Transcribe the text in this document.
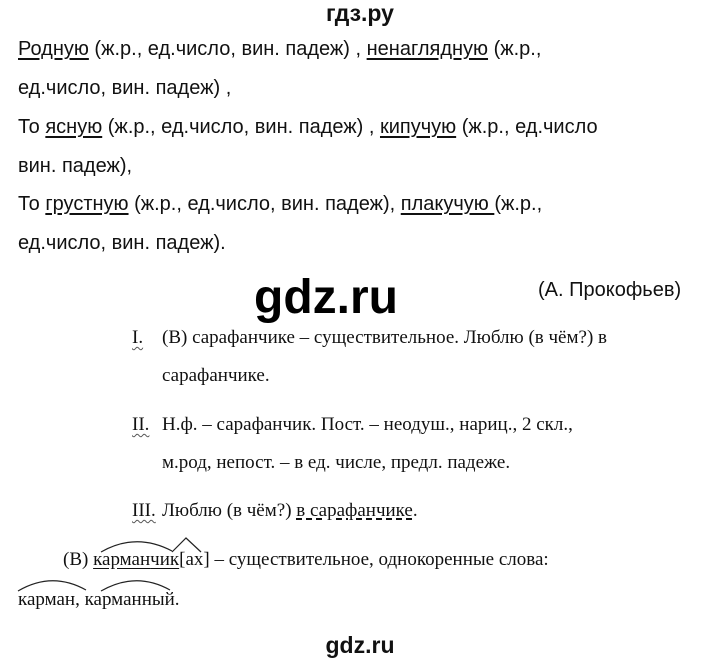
гдз.ру
Родную (ж.р., ед.число, вин. падеж) , ненаглядную (ж.р.,
ед.число, вин. падеж) ,
То ясную (ж.р., ед.число, вин. падеж) , кипучую (ж.р., ед.число
вин. падеж),
То грустную (ж.р., ед.число, вин. падеж), плакучую (ж.р.,
ед.число, вин. падеж).
(А. Прокофьев)
gdz.ru
I. (В) сарафанчике – существительное. Люблю (в чём?) в
сарафанчике.
II. Н.ф. – сарафанчик. Пост. – неодуш., нариц., 2 скл.,
м.род, непост. – в ед. числе, предл. падеже.
III. Люблю (в чём?) в сарафанчике.
(В) карманчик[ах] – существительное, однокоренные слова:
карман, карманный.
gdz.ru
